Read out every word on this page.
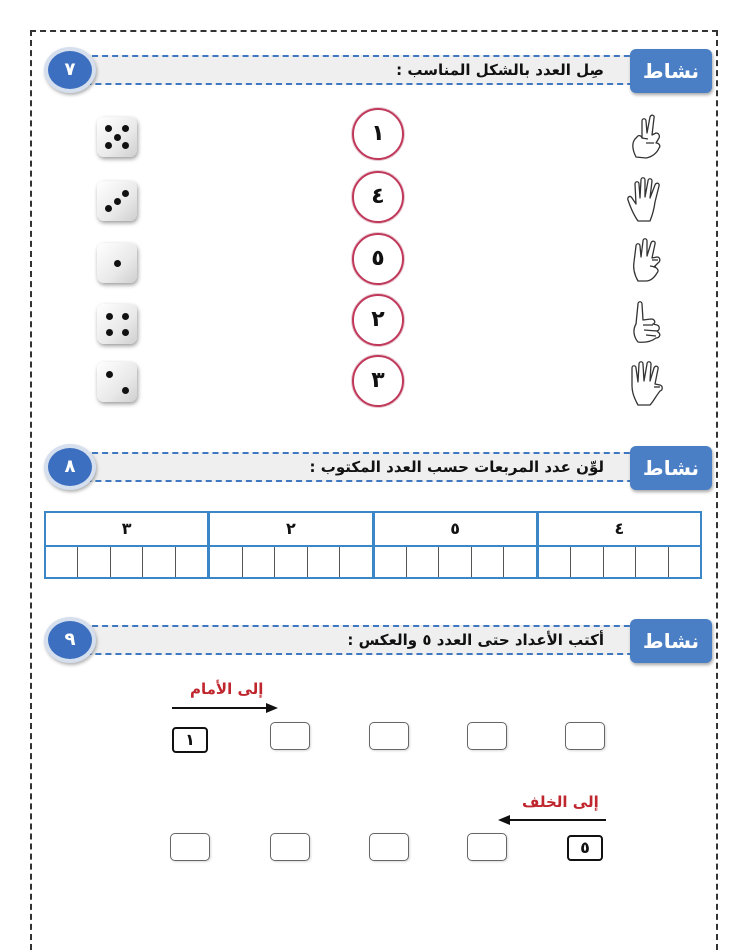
صِل العدد بالشكل المناسب :	نشاط
٧
١
٤
٥
٢
٣
لوِّن عدد المربعات حسب العدد المكتوب :	نشاط
٨
٣	٢	٥	٤
أكتب الأعداد حتى العدد ٥ والعكس :	نشاط
٩
إلى الأمام
١
إلى الخلف
٥
